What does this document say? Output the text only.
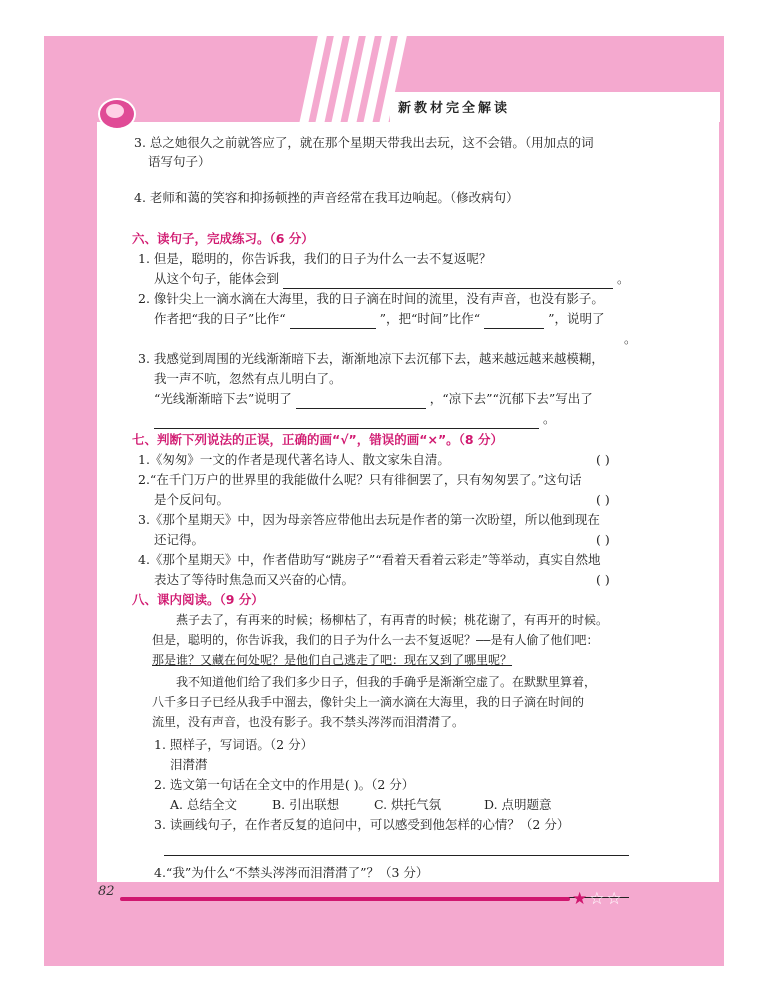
新教材完全解读
3. 总之她很久之前就答应了，就在那个星期天带我出去玩，这不会错。（用加点的词
语写句子）
4. 老师和蔼的笑容和抑扬顿挫的声音经常在我耳边响起。（修改病句）
六、读句子，完成练习。（6 分）
1. 但是，聪明的，你告诉我，我们的日子为什么一去不复返呢？
从这个句子，能体会到	。
2. 像针尖上一滴水滴在大海里，我的日子滴在时间的流里，没有声音，也没有影子。
作者把“我的日子”比作“	”，把“时间”比作“	”，说明了
。
3. 我感觉到周围的光线渐渐暗下去，渐渐地凉下去沉郁下去，越来越远越来越模糊，
我一声不吭，忽然有点儿明白了。
“光线渐渐暗下去”说明了	，“凉下去”“沉郁下去”写出了
。
七、判断下列说法的正误，正确的画“√”，错误的画“×”。（8 分）
1.《匆匆》一文的作者是现代著名诗人、散文家朱自清。	( )
2.“在千门万户的世界里的我能做什么呢？只有徘徊罢了，只有匆匆罢了。”这句话
是个反问句。	( )
3.《那个星期天》中，因为母亲答应带他出去玩是作者的第一次盼望，所以他到现在
还记得。	( )
4.《那个星期天》中，作者借助写“跳房子”“看着天看着云彩走”等举动，真实自然地
表达了等待时焦急而又兴奋的心情。	( )
八、课内阅读。（9 分）
燕子去了，有再来的时候；杨柳枯了，有再青的时候；桃花谢了，有再开的时候。
但是，聪明的，你告诉我，我们的日子为什么一去不复返呢？——是有人偷了他们吧：
那是谁？又藏在何处呢？是他们自己逃走了吧：现在又到了哪里呢？
我不知道他们给了我们多少日子，但我的手确乎是渐渐空虚了。在默默里算着，
八千多日子已经从我手中溜去，像针尖上一滴水滴在大海里，我的日子滴在时间的
流里，没有声音，也没有影子。我不禁头涔涔而泪潸潸了。
1. 照样子，写词语。（2 分）
泪潸潸
2. 选文第一句话在全文中的作用是( )。（2 分）
A. 总结全文	B. 引出联想	C. 烘托气氛	D. 点明题意
3. 读画线句子，在作者反复的追问中，可以感受到他怎样的心情？（2 分）
4.“我”为什么“不禁头涔涔而泪潸潸了”？（3 分）
82	★☆☆
